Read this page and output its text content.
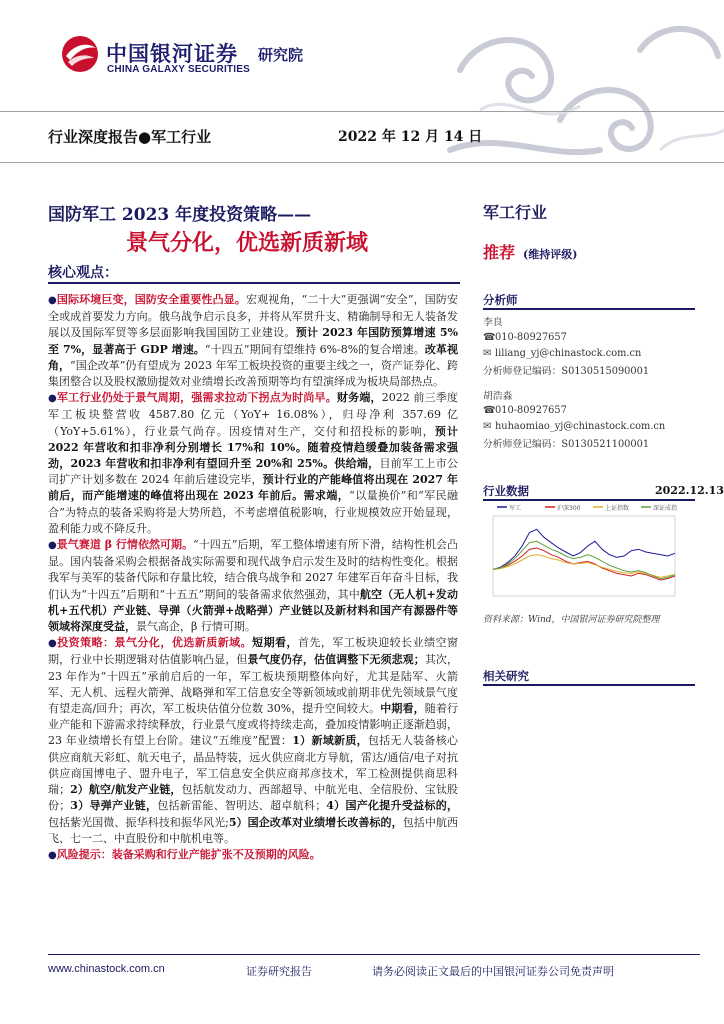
中国银河证券
CHINA GALAXY SECURITIES
研究院
行业深度报告●军工行业	2022 年 12 月 14 日
国防军工 2023 年度投资策略——
景气分化，优选新质新域
核心观点：

●国际环境巨变，国防安全重要性凸显。宏观视角，“二十大”更强调“安全”，国防安全或成首要发力方向。俄乌战争启示良多，并将从军贯升支、精确制导和无人装备发展以及国际军贸等多层面影响我国国防工业建设。预计 2023 年国防预算增速 5%至 7%，显著高于 GDP 增速。“十四五”期间有望维持 6%-8%的复合增速。改革视角，“国企改革”仍有望成为 2023 年军工板块投资的重要主线之一，资产证券化、跨集团整合以及股权激励提效对业绩增长改善预期等均有望演绎成为板块局部热点。

●军工行业仍处于景气周期，强需求拉动下拐点为时尚早。财务端，2022 前三季度军工板块整营收 4587.80 亿元（YoY+ 16.08%），归母净利 357.69 亿（YoY+5.61%），行业景气尚存。因疫情对生产，交付和招投标的影响，预计 2022 年营收和扣非净利分别增长 17%和 10%。随着疫情趋缓叠加装备需求强劲，2023 年营收和扣非净利有望回升至 20%和 25%。供给端，目前军工上市公司扩产计划多数在 2024 年前后建设完毕，预计行业的产能峰值将出现在 2027 年前后，而产能增速的峰值将出现在 2023 年前后。需求端，“以量换价”和“军民融合”为特点的装备采购将是大势所趋，不考虑增值税影响，行业规模效应开始显现，盈利能力或不降反升。

●景气赛道 β 行情依然可期。“十四五”后期，军工整体增速有所下滑，结构性机会凸显。国内装备采购会根据备战实际需要和现代战争启示发生及时的结构性变化。根据我军与美军的装备代际和存量比较，结合俄乌战争和 2027 年建军百年奋斗目标，我们认为“十四五”后期和“十五五”期间的装备需求依然强劲，其中航空（无人机+发动机+五代机）产业链、导弹（火箭弹+战略弹）产业链以及新材料和国产有源器件等领域将深度受益，景气高企，β 行情可期。

●投资策略：景气分化，优选新质新域。短期看，首先，军工板块迎较长业绩空窗期，行业中长期逻辑对估值影响凸显，但景气度仍存，估值调整下无须悲观；其次， 23 年作为“十四五”承前启后的一年，军工板块预期整体向好，尤其是陆军、火箭军、无人机、远程火箭弹、战略弹和军工信息安全等新领域或前期非优先领域景气度有望走高/回升；再次，军工板块估值分位数 30%，提升空间较大。中期看，随着行业产能和下游需求持续释放，行业景气度或将持续走高，叠加疫情影响正逐渐趋弱，23 年业绩增长有望上台阶。建议“五维度”配置：1）新域新质，包括无人装备核心供应商航天彩虹、航天电子，晶品特装，远火供应商北方导航，雷达/通信/电子对抗供应商国博电子、盟升电子，军工信息安全供应商邦彦技术，军工检测提供商思科瑞；2）航空/航发产业链，包括航发动力、西部超导、中航光电、全信股份、宝钛股份；3）导弹产业链，包括新雷能、智明达、超卓航科；4）国产化提升受益标的，包括紫光国微、振华科技和振华风光;5）国企改革对业绩增长改善标的，包括中航西飞、七一二、中直股份和中航机电等。

●风险提示：装备采购和行业产能扩张不及预期的风险。

军工行业
推荐 (维持评级)
分析师
李良
☎010-80927657
✉ liliang_yj@chinastock.com.cn
分析师登记编码：S0130515090001
胡浩淼
☎010-80927657
✉ huhaomiao_yj@chinastock.com.cn
分析师登记编码：S0130521100001
行业数据	2022.12.13
军工	沪深300	上证指数	深证成指
资料来源：Wind，中国银河证券研究院整理
相关研究
www.chinastock.com.cn	证券研究报告	请务必阅读正文最后的中国银河证券公司免责声明
